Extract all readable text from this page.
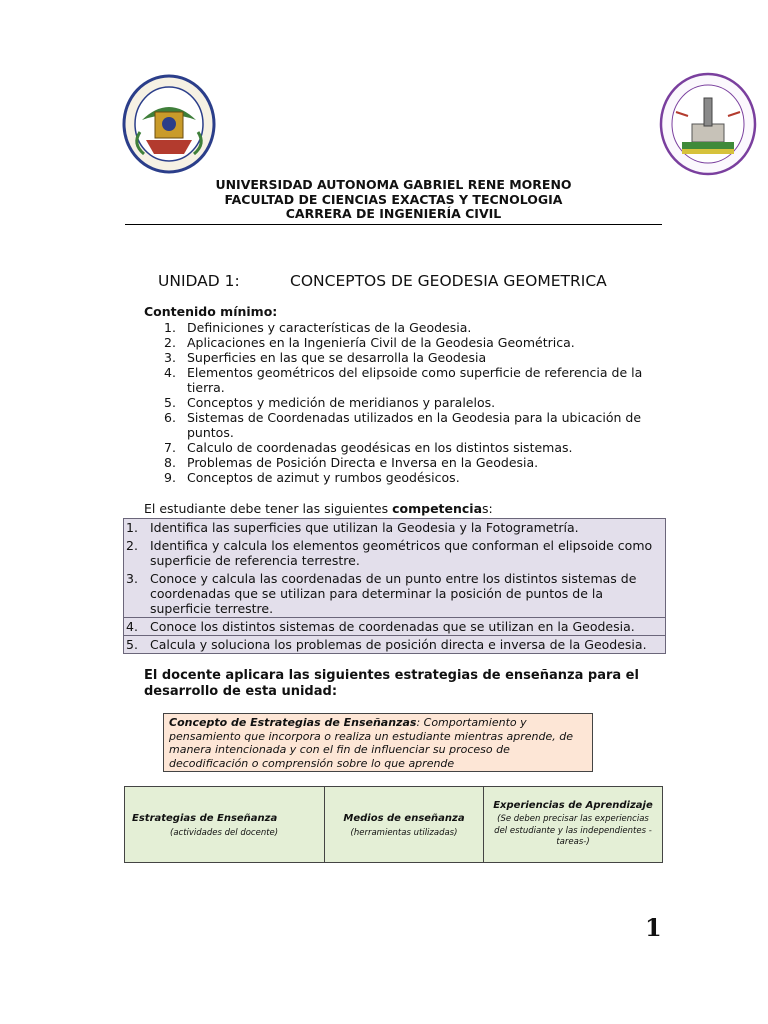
UNIVERSIDAD AUTONOMA GABRIEL RENE MORENO
FACULTAD DE CIENCIAS EXACTAS Y TECNOLOGIA
CARRERA DE INGENIERÍA CIVIL
UNIDAD 1:	CONCEPTOS DE GEODESIA GEOMETRICA
Contenido mínimo:
1. Definiciones y características de la Geodesia.
2. Aplicaciones en la Ingeniería Civil de la Geodesia Geométrica.
3. Superficies en las que se desarrolla la Geodesia
4. Elementos geométricos del elipsoide como superficie de referencia de la tierra.
5. Conceptos y medición de meridianos y paralelos.
6. Sistemas de Coordenadas utilizados en la Geodesia para la ubicación de puntos.
7. Calculo de coordenadas geodésicas en los distintos sistemas.
8. Problemas de Posición Directa e Inversa en la Geodesia.
9. Conceptos de azimut y rumbos geodésicos.
El estudiante debe tener las siguientes competencias:
1. Identifica las superficies que utilizan la Geodesia y la Fotogrametría.
2. Identifica y calcula los elementos geométricos que conforman el elipsoide como superficie de referencia terrestre.
3. Conoce y calcula las coordenadas de un punto entre los distintos sistemas de coordenadas que se utilizan para determinar la posición de puntos de la superficie terrestre.
4. Conoce los distintos sistemas de coordenadas que se utilizan en la Geodesia.
5. Calcula y soluciona los problemas de posición directa e inversa de la Geodesia.
El docente aplicara las siguientes estrategias de enseñanza para el desarrollo de esta unidad:
Concepto de Estrategias de Enseñanzas: Comportamiento y pensamiento que incorpora o realiza un estudiante mientras aprende, de manera intencionada y con el fin de influenciar su proceso de decodificación o comprensión sobre lo que aprende
Estrategias de Enseñanza
(actividades del docente)
Medios de enseñanza
(herramientas utilizadas)
Experiencias de Aprendizaje
(Se deben precisar las experiencias del estudiante y las independientes -tareas-)
1
